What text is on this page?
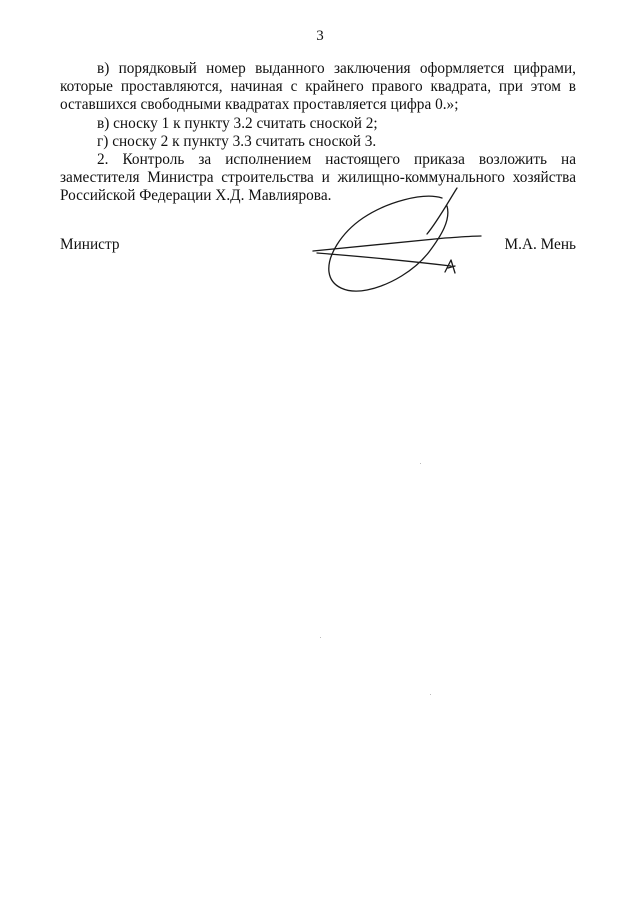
3

в) порядковый номер выданного заключения оформляется цифрами, которые проставляются, начиная с крайнего правого квадрата, при этом в оставшихся свободными квадратах проставляется цифра 0.»;

в) сноску 1 к пункту 3.2 считать сноской 2;

г) сноску 2 к пункту 3.3 считать сноской 3.

2. Контроль за исполнением настоящего приказа возложить на заместителя Министра строительства и жилищно-коммунального хозяйства Российской Федерации Х.Д. Мавлиярова.

Министр	М.А. Мень
